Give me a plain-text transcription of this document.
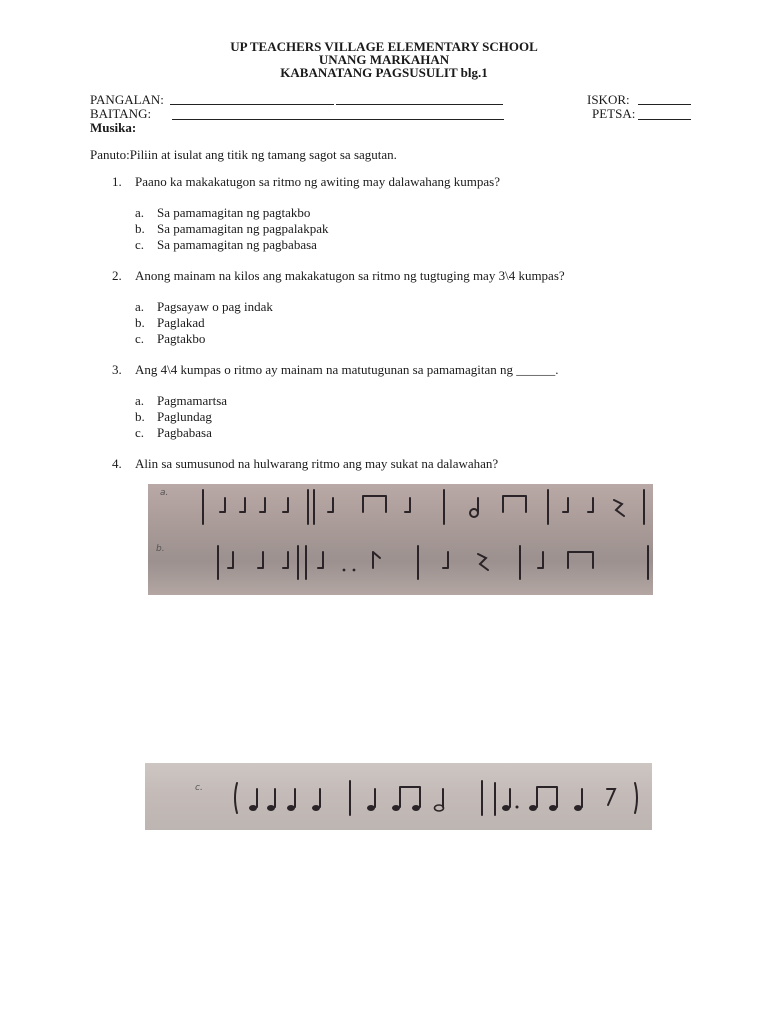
UP TEACHERS VILLAGE ELEMENTARY SCHOOL
UNANG MARKAHAN
KABANATANG PAGSUSULIT blg.1
PANGALAN:	ISKOR:
BAITANG:	PETSA:
Musika:
Panuto:Piliin at isulat ang titik ng tamang sagot sa sagutan.
1. Paano ka makakatugon sa ritmo ng awiting may dalawahang kumpas?
a. Sa pamamagitan ng pagtakbo
b. Sa pamamagitan ng pagpalakpak
c. Sa pamamagitan ng pagbabasa
2. Anong mainam na kilos ang makakatugon sa ritmo ng tugtuging may 3\4 kumpas?
a. Pagsayaw o pag indak
b. Paglakad
c. Pagtakbo
3. Ang 4\4 kumpas o ritmo ay mainam na matutugunan sa pamamagitan ng ______.
a. Pagmamartsa
b. Paglundag
c. Pagbabasa
4. Alin sa sumusunod na hulwarang ritmo ang may sukat na dalawahan?
a.
b.
c.
